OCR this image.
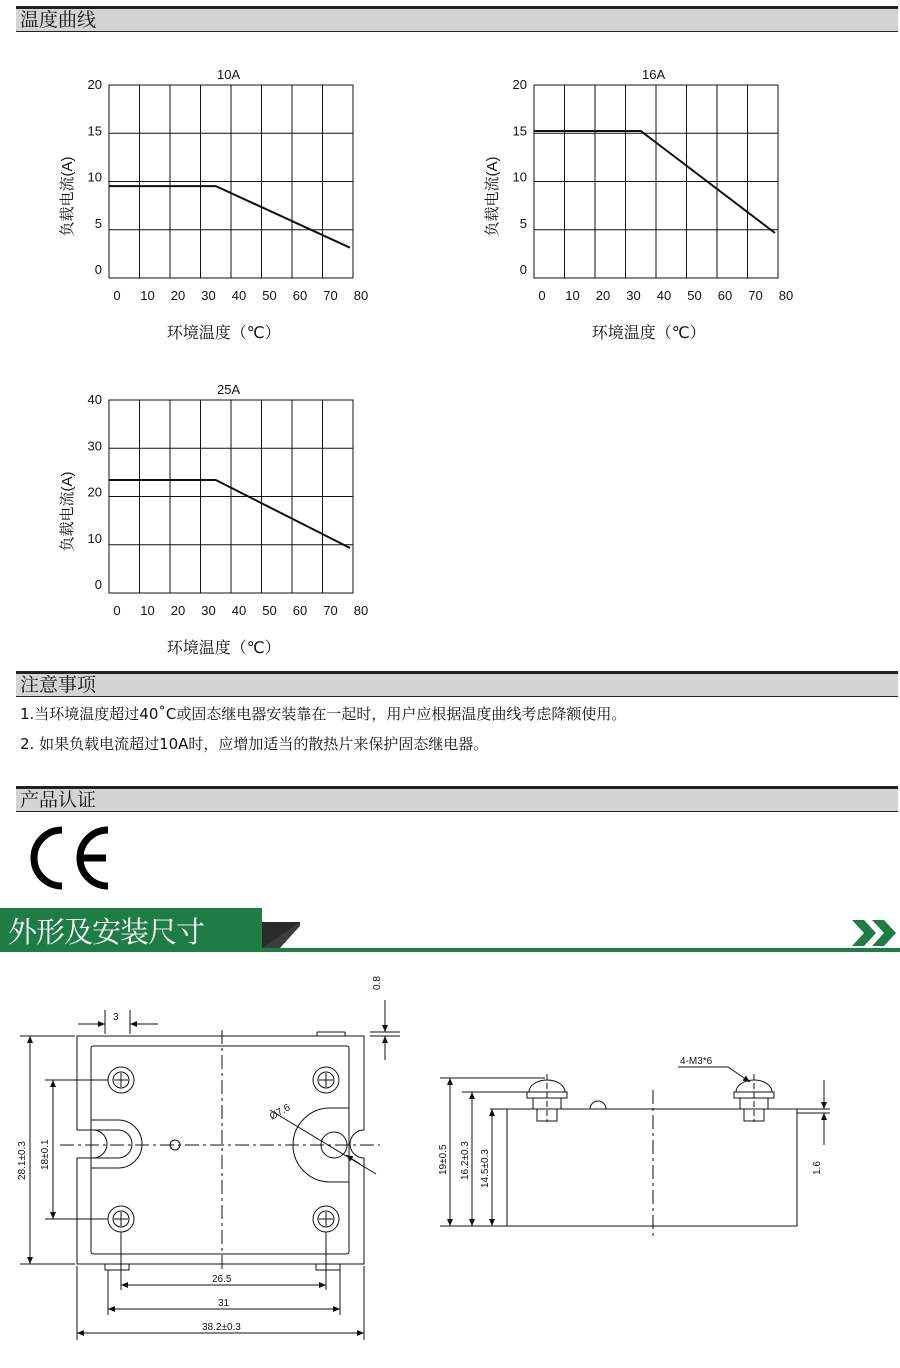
温度曲线
10A
20
15
10
5
0
0 10 20 30 40 50 60 70 80
负载电流(A)
环境温度（℃）
16A
20
15
10
5
0
0 10 20 30 40 50 60 70 80
负载电流(A)
环境温度（℃）
25A
40
30
20
10
0
0 10 20 30 40 50 60 70 80
负载电流(A)
环境温度（℃）
注意事项
1.当环境温度超过40˚C或固态继电器安装靠在一起时，用户应根据温度曲线考虑降额使用。
2. 如果负载电流超过10A时，应增加适当的散热片来保护固态继电器。
产品认证
外形及安装尺寸
3
0.8
28.1±0.3 18±0.1
Ø7.6
26.5
31
38.2±0.3
4-M3*6
19±0.5 16.2±0.3 14.5±0.3	1.6
